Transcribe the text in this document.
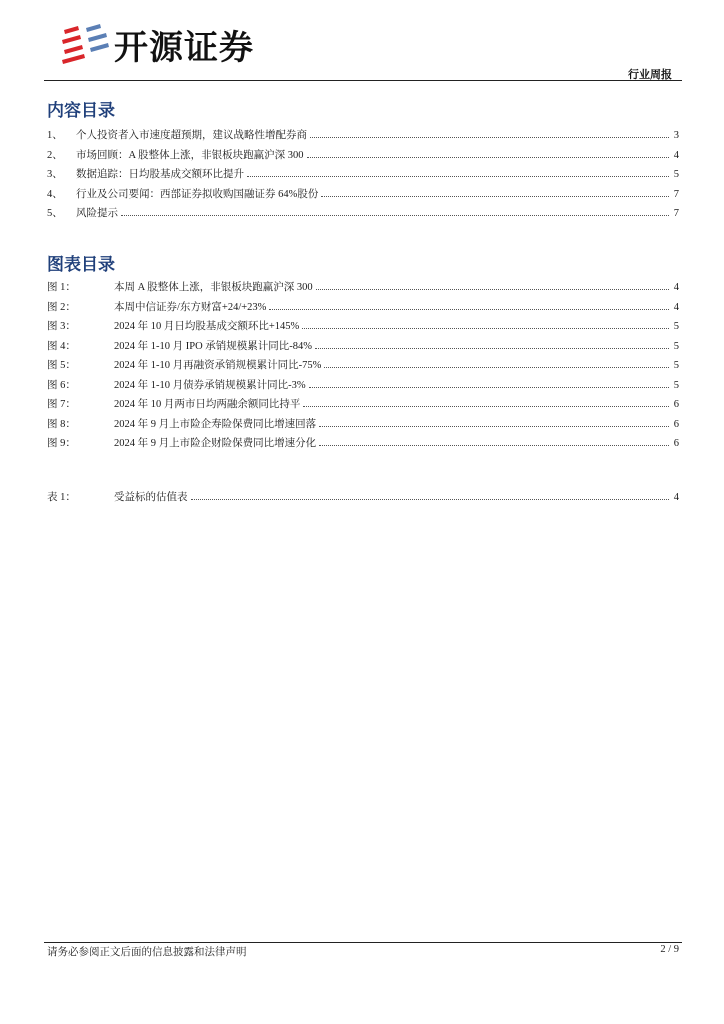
开源证券
行业周报
内容目录
1、	个人投资者入市速度超预期，建议战略性增配券商	3
2、	市场回顾：A 股整体上涨，非银板块跑赢沪深 300	4
3、	数据追踪：日均股基成交额环比提升	5
4、	行业及公司要闻：西部证券拟收购国融证券 64%股份	7
5、	风险提示	7
图表目录
图 1：	本周 A 股整体上涨，非银板块跑赢沪深 300	4
图 2：	本周中信证券/东方财富+24/+23%	4
图 3：	2024 年 10 月日均股基成交额环比+145%	5
图 4：	2024 年 1-10 月 IPO 承销规模累计同比-84%	5
图 5：	2024 年 1-10 月再融资承销规模累计同比-75%	5
图 6：	2024 年 1-10 月债券承销规模累计同比-3%	5
图 7：	2024 年 10 月两市日均两融余额同比持平	6
图 8：	2024 年 9 月上市险企寿险保费同比增速回落	6
图 9：	2024 年 9 月上市险企财险保费同比增速分化	6
表 1：	受益标的估值表	4
请务必参阅正文后面的信息披露和法律声明	2 / 9
